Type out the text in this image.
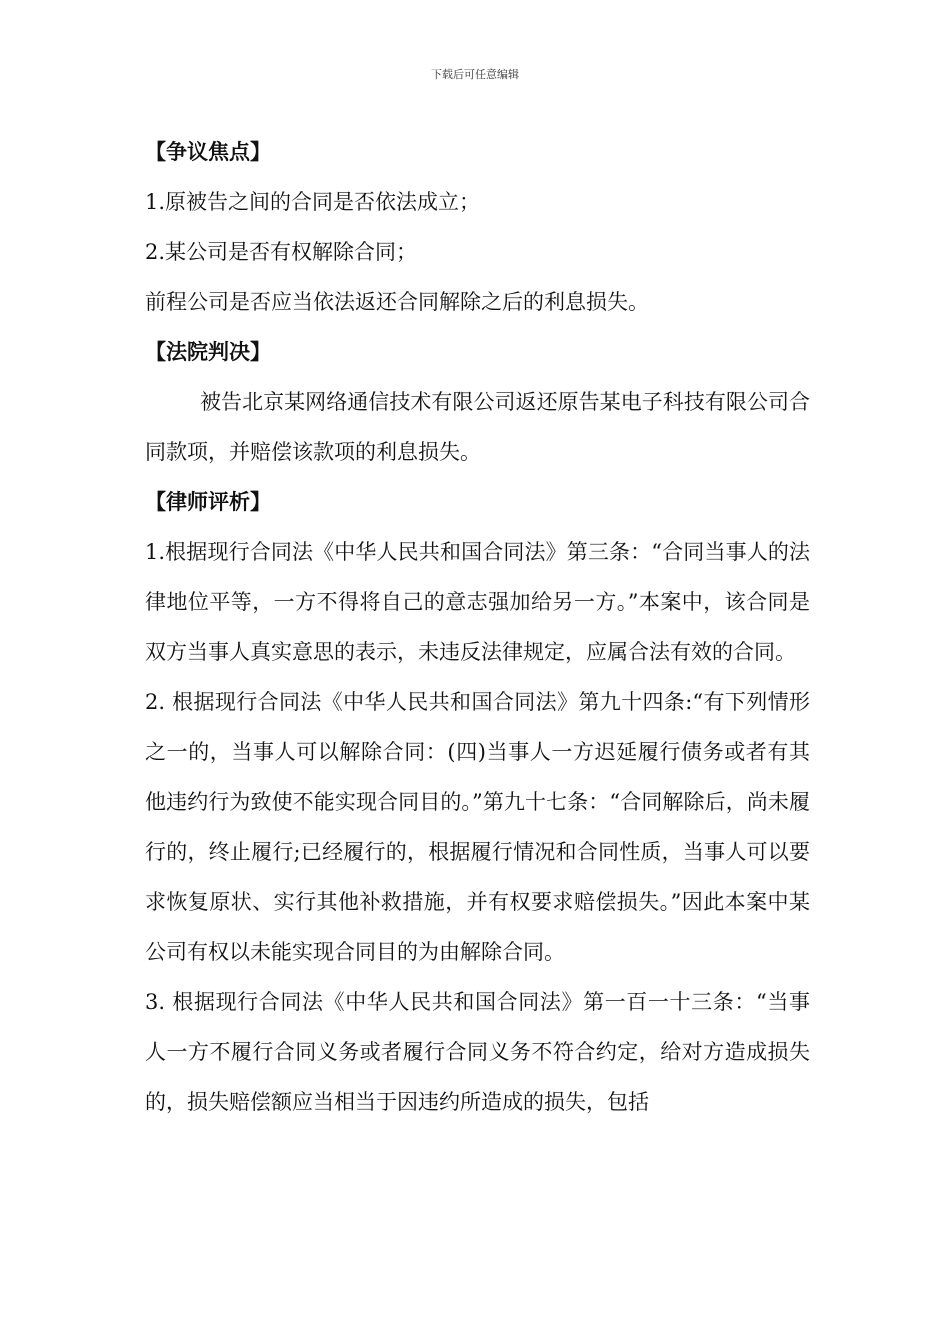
下载后可任意编辑

【争议焦点】

1.原被告之间的合同是否依法成立；

2.某公司是否有权解除合同；

前程公司是否应当依法返还合同解除之后的利息损失。

【法院判决】

被告北京某网络通信技术有限公司返还原告某电子科技有限公司合同款项，并赔偿该款项的利息损失。

【律师评析】

1.根据现行合同法《中华人民共和国合同法》第三条：“合同当事人的法律地位平等，一方不得将自己的意志强加给另一方。”本案中，该合同是双方当事人真实意思的表示，未违反法律规定，应属合法有效的合同。

2. 根据现行合同法《中华人民共和国合同法》第九十四条:“有下列情形之一的，当事人可以解除合同：(四)当事人一方迟延履行债务或者有其他违约行为致使不能实现合同目的。”第九十七条：“合同解除后，尚未履行的，终止履行;已经履行的，根据履行情况和合同性质，当事人可以要求恢复原状、实行其他补救措施，并有权要求赔偿损失。”因此本案中某公司有权以未能实现合同目的为由解除合同。

3. 根据现行合同法《中华人民共和国合同法》第一百一十三条：“当事人一方不履行合同义务或者履行合同义务不符合约定，给对方造成损失的，损失赔偿额应当相当于因违约所造成的损失，包括
